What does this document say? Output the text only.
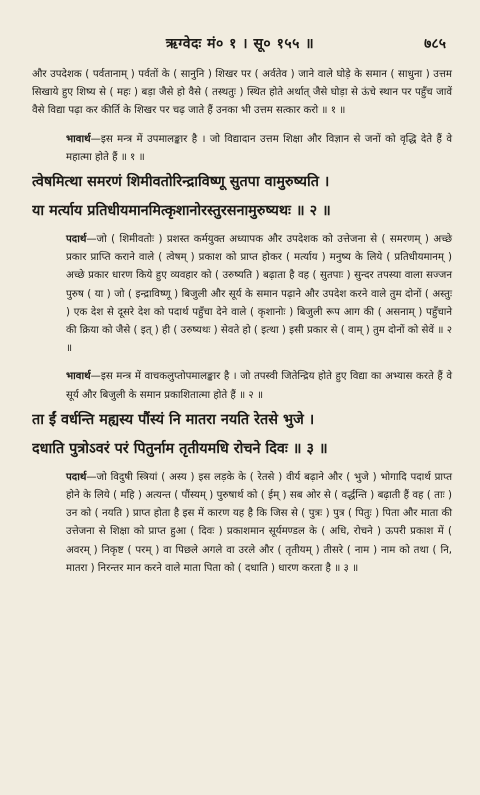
ऋग्वेदः मं० १ । सू० १५५ ॥	७८५

और उपदेशक ( पर्वतानाम् ) पर्वतों के ( सानुनि ) शिखर पर ( अर्वतेव ) जाने वाले घोड़े के समान ( साधुना ) उत्तम सिखाये हुए शिष्य से ( महः ) बड़ा जैसे हो वैसे ( तस्थतुः ) स्थित होते अर्थात् जैसे घोड़ा से ऊंचे स्थान पर पहुँच जावें वैसे विद्या पढ़ा कर कीर्ति के शिखर पर चढ़ जाते हैं उनका भी उत्तम सत्कार करो ॥ १ ॥

भावार्थ—इस मन्त्र में उपमालङ्कार है । जो विद्यादान उत्तम शिक्षा और विज्ञान से जनों को वृद्धि देते हैं वे महात्मा होते हैं ॥ १ ॥

त्वेषमित्था समरणं शिमीवतोरिन्द्राविष्णू सुतपा वामुरुष्यति ।
या मर्त्याय प्रतिधीयमानमित्कृशानोरस्तुरसनामुरुष्यथः ॥ २ ॥

पदार्थ—जो ( शिमीवतोः ) प्रशस्त कर्मयुक्त अध्यापक और उपदेशक को उत्तेजना से ( समरणम् ) अच्छे प्रकार प्राप्ति कराने वाले ( त्वेषम् ) प्रकाश को प्राप्त होकर ( मर्त्याय ) मनुष्य के लिये ( प्रतिधीयमानम् ) अच्छे प्रकार धारण किये हुए व्यवहार को ( उरुष्यति ) बढ़ाता है वह ( सुतपाः ) सुन्दर तपस्या वाला सज्जन पुरुष ( या ) जो ( इन्द्राविष्णू ) बिजुली और सूर्य के समान पढ़ाने और उपदेश करने वाले तुम दोनों ( अस्तुः ) एक देश से दूसरे देश को पदार्थ पहुँचा देने वाले ( कृशानोः ) बिजुली रूप आग की ( असनाम् ) पहुँचाने की क्रिया को जैसे ( इत् ) ही ( उरुष्यथः ) सेवते हो ( इत्था ) इसी प्रकार से ( वाम् ) तुम दोनों को सेवें ॥ २ ॥

भावार्थ—इस मन्त्र में वाचकलुप्तोपमालङ्कार है । जो तपस्वी जितेन्द्रिय होते हुए विद्या का अभ्यास करते हैं वे सूर्य और बिजुली के समान प्रकाशितात्मा होते हैं ॥ २ ॥

ता ईं वर्धन्ति मह्यस्य पौंस्यं नि मातरा नयति रेतसे भुजे ।
दधाति पुत्रोऽवरं परं पितुर्नाम तृतीयमधि रोचने दिवः ॥ ३ ॥

पदार्थ—जो विदुषी स्त्रियां ( अस्य ) इस लड़के के ( रेतसे ) वीर्य बढ़ाने और ( भुजे ) भोगादि पदार्थ प्राप्त होने के लिये ( महि ) अत्यन्त ( पौंस्यम् ) पुरुषार्थ को ( ईम् ) सब ओर से ( वर्द्धन्ति ) बढ़ाती हैं वह ( ताः ) उन को ( नयति ) प्राप्त होता है इस में कारण यह है कि जिस से ( पुत्रः ) पुत्र ( पितुः ) पिता और माता की उत्तेजना से शिक्षा को प्राप्त हुआ ( दिवः ) प्रकाशमान सूर्यमण्डल के ( अधि, रोचने ) ऊपरी प्रकाश में ( अवरम् ) निकृष्ट ( परम् ) वा पिछले अगले वा उरले और ( तृतीयम् ) तीसरे ( नाम ) नाम को तथा ( नि, मातरा ) निरन्तर मान करने वाले माता पिता को ( दधाति ) धारण करता है ॥ ३ ॥
